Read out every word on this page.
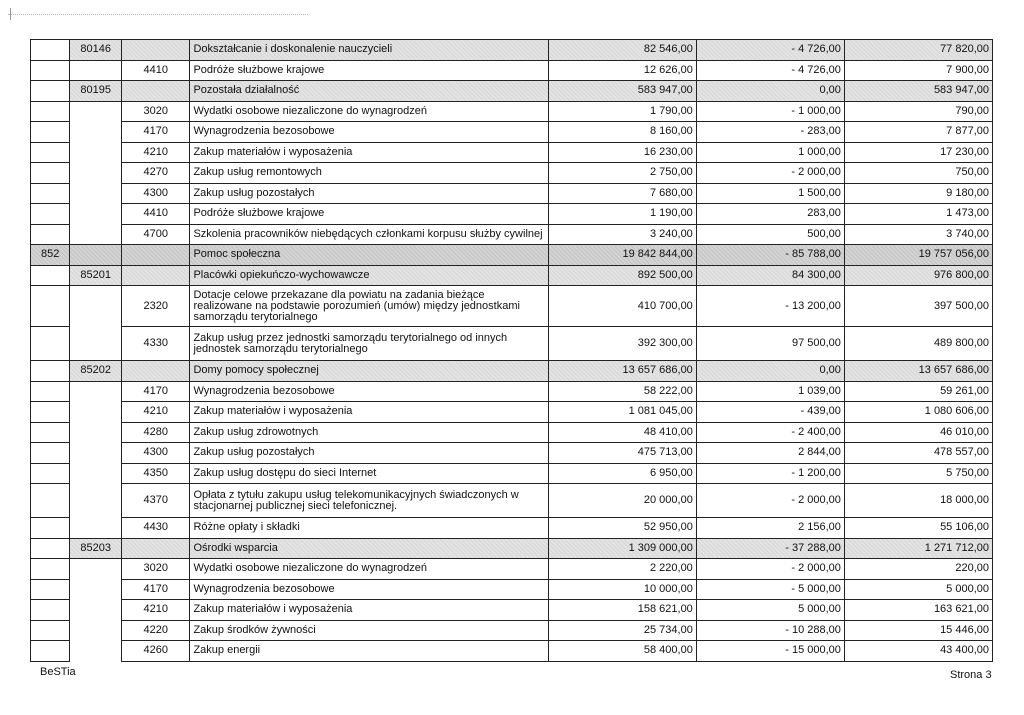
	80146		Dokształcanie i doskonalenie nauczycieli	82 546,00	- 4 726,00	77 820,00
		4410	Podróże służbowe krajowe	12 626,00	- 4 726,00	7 900,00
	80195		Pozostała działalność	583 947,00	0,00	583 947,00
		3020	Wydatki osobowe niezaliczone do wynagrodzeń	1 790,00	- 1 000,00	790,00
		4170	Wynagrodzenia bezosobowe	8 160,00	- 283,00	7 877,00
		4210	Zakup materiałów i wyposażenia	16 230,00	1 000,00	17 230,00
		4270	Zakup usług remontowych	2 750,00	- 2 000,00	750,00
		4300	Zakup usług pozostałych	7 680,00	1 500,00	9 180,00
		4410	Podróże służbowe krajowe	1 190,00	283,00	1 473,00
		4700	Szkolenia pracowników niebędących członkami korpusu służby cywilnej	3 240,00	500,00	3 740,00
852			Pomoc społeczna	19 842 844,00	- 85 788,00	19 757 056,00
	85201		Placówki opiekuńczo-wychowawcze	892 500,00	84 300,00	976 800,00
		2320	Dotacje celowe przekazane dla powiatu na zadania bieżące realizowane na podstawie porozumień (umów) między jednostkami samorządu terytorialnego	410 700,00	- 13 200,00	397 500,00
		4330	Zakup usług przez jednostki samorządu terytorialnego od innych jednostek samorządu terytorialnego	392 300,00	97 500,00	489 800,00
	85202		Domy pomocy społecznej	13 657 686,00	0,00	13 657 686,00
		4170	Wynagrodzenia bezosobowe	58 222,00	1 039,00	59 261,00
		4210	Zakup materiałów i wyposażenia	1 081 045,00	- 439,00	1 080 606,00
		4280	Zakup usług zdrowotnych	48 410,00	- 2 400,00	46 010,00
		4300	Zakup usług pozostałych	475 713,00	2 844,00	478 557,00
		4350	Zakup usług dostępu do sieci Internet	6 950,00	- 1 200,00	5 750,00
		4370	Opłata z tytułu zakupu usług telekomunikacyjnych świadczonych w stacjonarnej publicznej sieci telefonicznej.	20 000,00	- 2 000,00	18 000,00
		4430	Różne opłaty i składki	52 950,00	2 156,00	55 106,00
	85203		Ośrodki wsparcia	1 309 000,00	- 37 288,00	1 271 712,00
		3020	Wydatki osobowe niezaliczone do wynagrodzeń	2 220,00	- 2 000,00	220,00
		4170	Wynagrodzenia bezosobowe	10 000,00	- 5 000,00	5 000,00
		4210	Zakup materiałów i wyposażenia	158 621,00	5 000,00	163 621,00
		4220	Zakup środków żywności	25 734,00	- 10 288,00	15 446,00
		4260	Zakup energii	58 400,00	- 15 000,00	43 400,00
BeSTia	Strona 3
